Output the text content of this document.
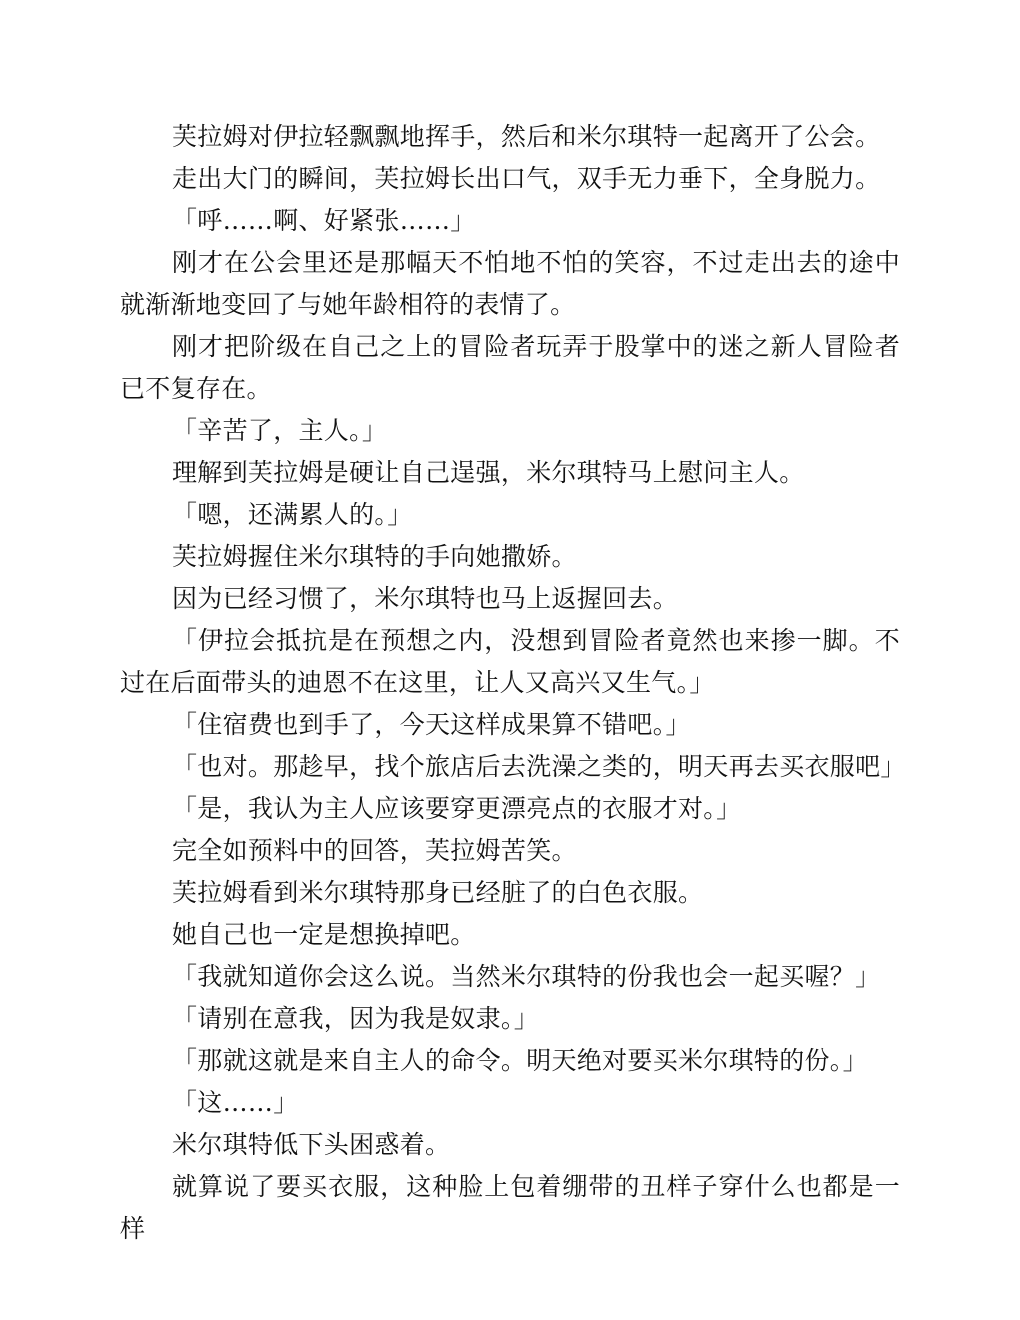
芙拉姆对伊拉轻飘飘地挥手，然后和米尔琪特一起离开了公会。

走出大门的瞬间，芙拉姆长出口气，双手无力垂下，全身脱力。

「呼……啊、好紧张……」

刚才在公会里还是那幅天不怕地不怕的笑容，不过走出去的途中就渐渐地变回了与她年龄相符的表情了。

刚才把阶级在自己之上的冒险者玩弄于股掌中的迷之新人冒险者已不复存在。

「辛苦了，主人。」

理解到芙拉姆是硬让自己逞强，米尔琪特马上慰问主人。

「嗯，还满累人的。」

芙拉姆握住米尔琪特的手向她撒娇。

因为已经习惯了，米尔琪特也马上返握回去。

「伊拉会抵抗是在预想之内，没想到冒险者竟然也来掺一脚。不过在后面带头的迪恩不在这里，让人又高兴又生气。」

「住宿费也到手了，今天这样成果算不错吧。」

「也对。那趁早，找个旅店后去洗澡之类的，明天再去买衣服吧」

「是，我认为主人应该要穿更漂亮点的衣服才对。」

完全如预料中的回答，芙拉姆苦笑。

芙拉姆看到米尔琪特那身已经脏了的白色衣服。

她自己也一定是想换掉吧。

「我就知道你会这么说。当然米尔琪特的份我也会一起买喔？」

「请别在意我，因为我是奴隶。」

「那就这就是来自主人的命令。明天绝对要买米尔琪特的份。」

「这……」

米尔琪特低下头困惑着。

就算说了要买衣服，这种脸上包着绷带的丑样子穿什么也都是一样
